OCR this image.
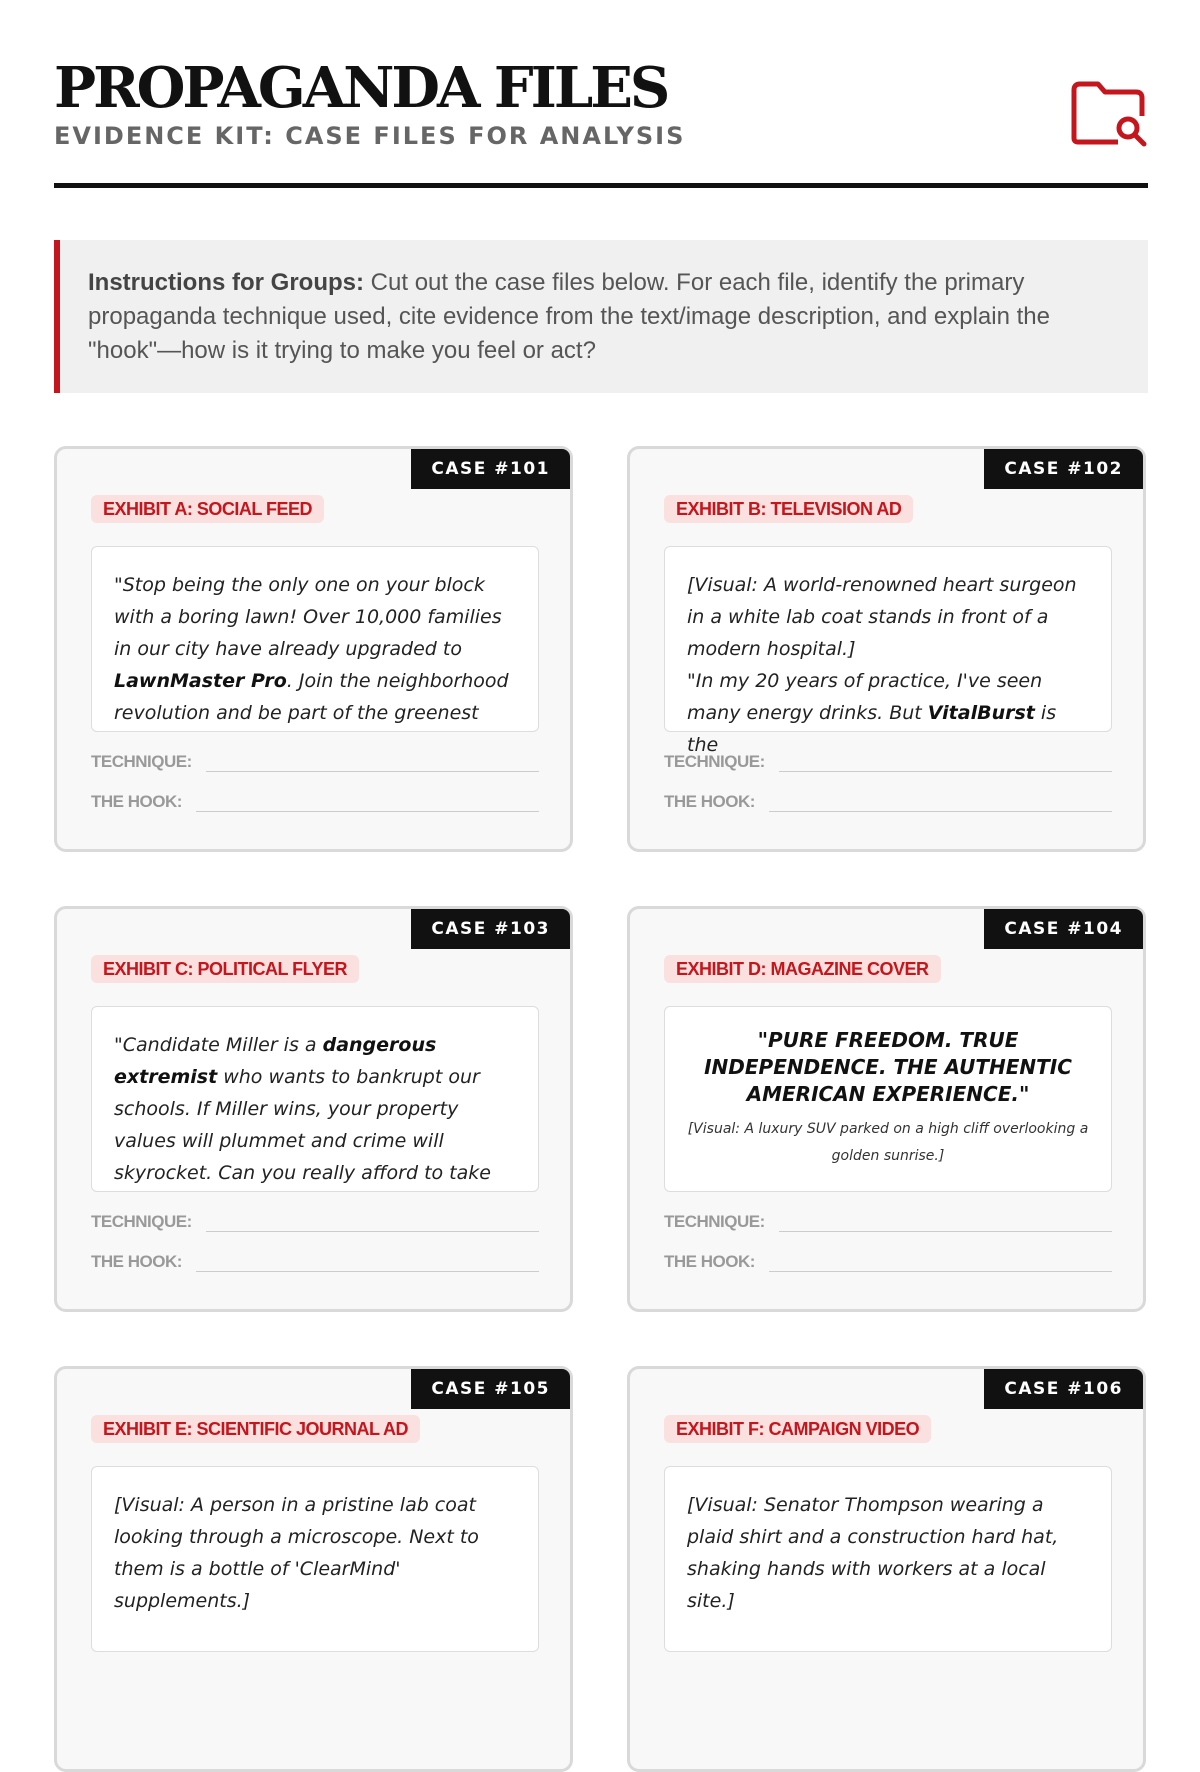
PROPAGANDA FILES
EVIDENCE KIT: CASE FILES FOR ANALYSIS
Instructions for Groups: Cut out the case files below. For each file, identify the primary propaganda technique used, cite evidence from the text/image description, and explain the "hook"—how is it trying to make you feel or act?
CASE #101
EXHIBIT A: SOCIAL FEED

"Stop being the only one on your block with a boring lawn! Over 10,000 families in our city have already upgraded to LawnMaster Pro. Join the neighborhood revolution and be part of the greenest

TECHNIQUE:
THE HOOK:
CASE #102
EXHIBIT B: TELEVISION AD

[Visual: A world-renowned heart surgeon in a white lab coat stands in front of a modern hospital.]
"In my 20 years of practice, I've seen many energy drinks. But VitalBurst is the

TECHNIQUE:
THE HOOK:
CASE #103
EXHIBIT C: POLITICAL FLYER

"Candidate Miller is a dangerous extremist who wants to bankrupt our schools. If Miller wins, your property values will plummet and crime will skyrocket. Can you really afford to take

TECHNIQUE:
THE HOOK:
CASE #104
EXHIBIT D: MAGAZINE COVER
"PURE FREEDOM. TRUE INDEPENDENCE. THE AUTHENTIC AMERICAN EXPERIENCE."
[Visual: A luxury SUV parked on a high cliff overlooking a golden sunrise.]
TECHNIQUE:
THE HOOK:
CASE #105
EXHIBIT E: SCIENTIFIC JOURNAL AD

[Visual: A person in a pristine lab coat looking through a microscope. Next to them is a bottle of 'ClearMind' supplements.]

CASE #106
EXHIBIT F: CAMPAIGN VIDEO

[Visual: Senator Thompson wearing a plaid shirt and a construction hard hat, shaking hands with workers at a local site.]
